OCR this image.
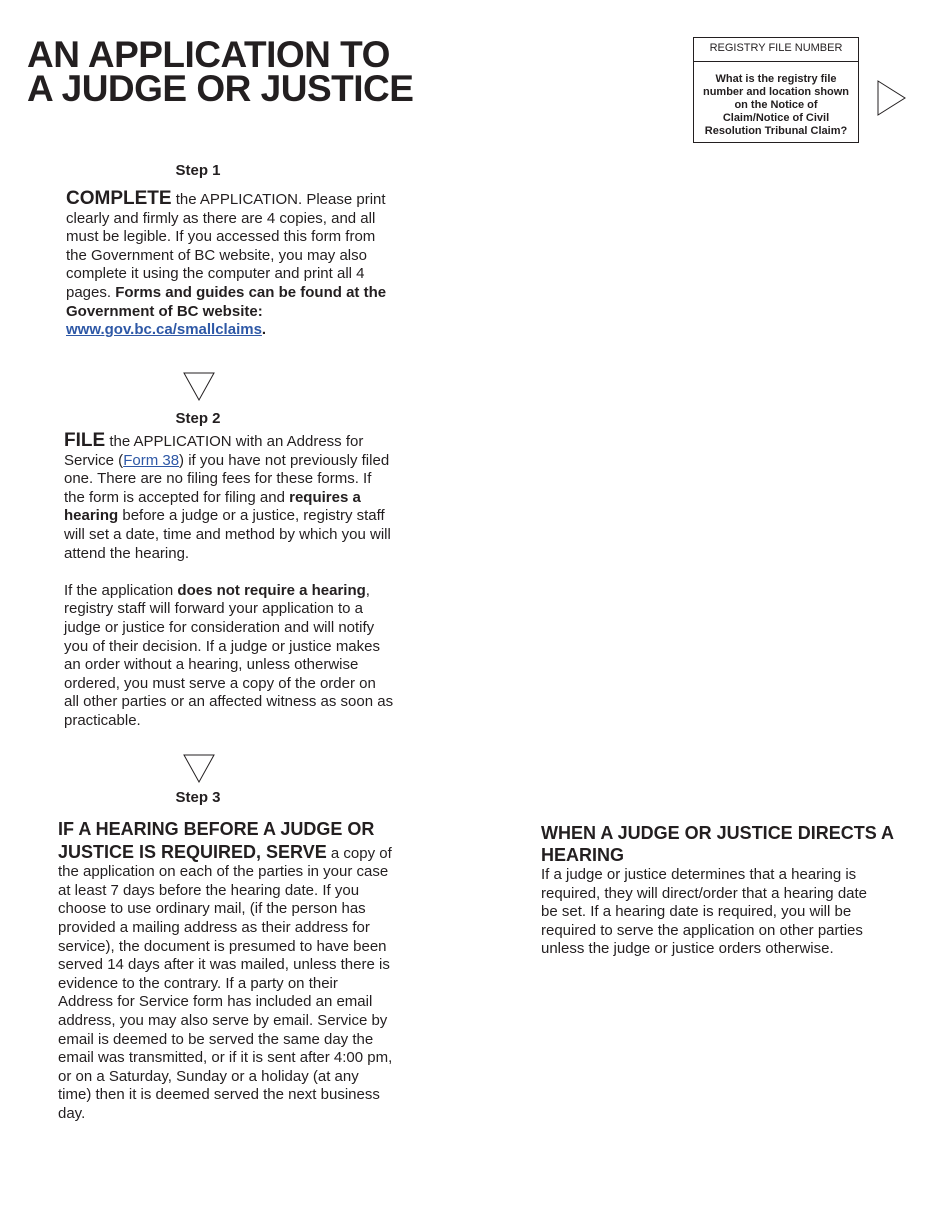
AN APPLICATION TO
A JUDGE OR JUSTICE
REGISTRY FILE NUMBER
What is the registry file number and location shown on the Notice of Claim/Notice of Civil Resolution Tribunal Claim?
Step 1
COMPLETE the APPLICATION. Please print clearly and firmly as there are 4 copies, and all must be legible. If you accessed this form from the Government of BC website, you may also complete it using the computer and print all 4 pages. Forms and guides can be found at the Government of BC website: www.gov.bc.ca/smallclaims.
Step 2

FILE the APPLICATION with an Address for Service (Form 38) if you have not previously filed one. There are no filing fees for these forms. If the form is accepted for filing and requires a hearing before a judge or a justice, registry staff will set a date, time and method by which you will attend the hearing.

If the application does not require a hearing, registry staff will forward your application to a judge or justice for consideration and will notify you of their decision. If a judge or justice makes an order without a hearing, unless otherwise ordered, you must serve a copy of the order on all other parties or an affected witness as soon as practicable.

Step 3
IF A HEARING BEFORE A JUDGE OR JUSTICE IS REQUIRED, SERVE a copy of the application on each of the parties in your case at least 7 days before the hearing date. If you choose to use ordinary mail, (if the person has provided a mailing address as their address for service), the document is presumed to have been served 14 days after it was mailed, unless there is evidence to the contrary. If a party on their Address for Service form has included an email address, you may also serve by email. Service by email is deemed to be served the same day the email was transmitted, or if it is sent after 4:00 pm, or on a Saturday, Sunday or a holiday (at any time) then it is deemed served the next business day.
WHEN A JUDGE OR JUSTICE DIRECTS A HEARING
If a judge or justice determines that a hearing is required, they will direct/order that a hearing date be set. If a hearing date is required, you will be required to serve the application on other parties unless the judge or justice orders otherwise.
